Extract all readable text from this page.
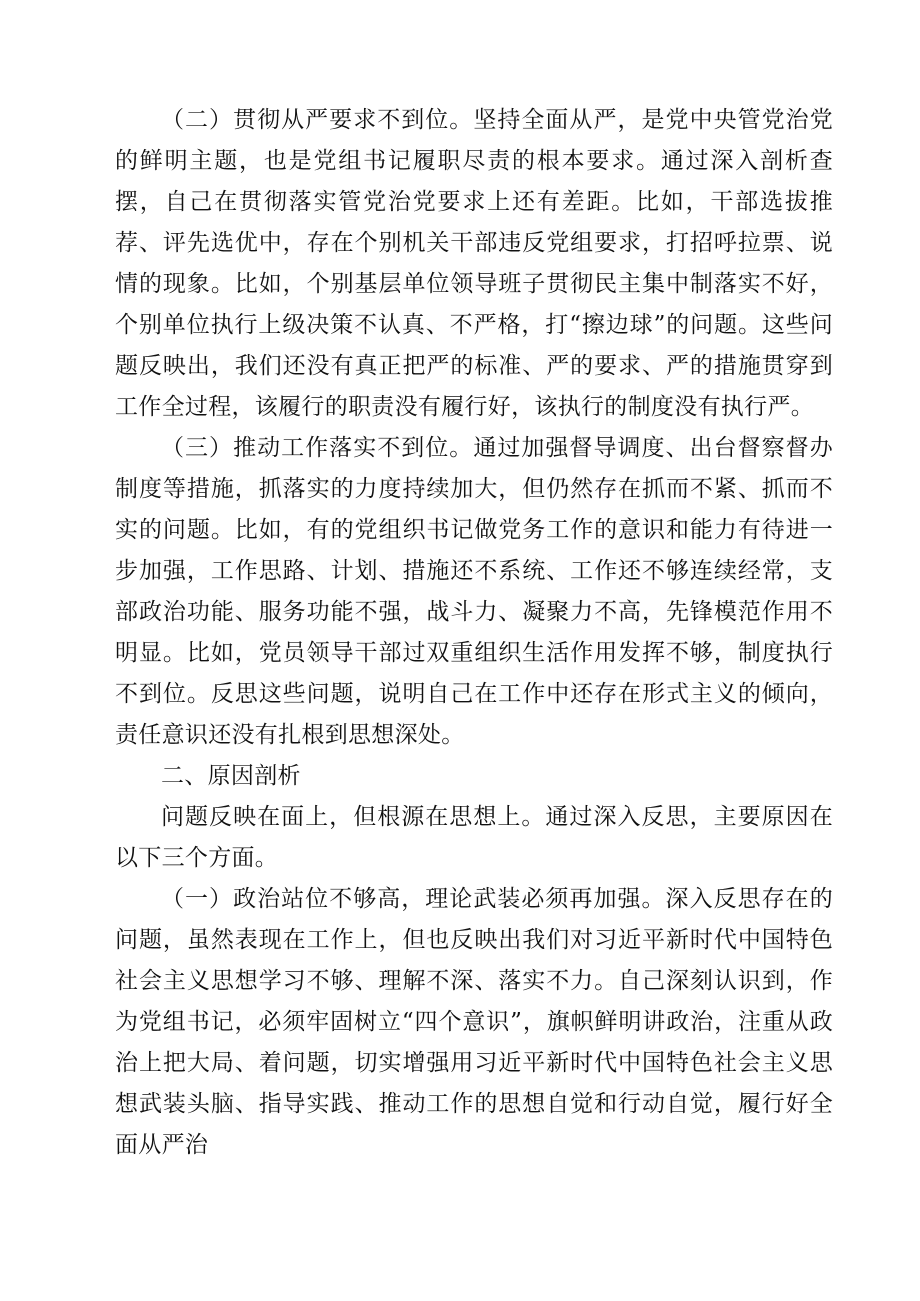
（二）贯彻从严要求不到位。坚持全面从严，是党中央管党治党的鲜明主题，也是党组书记履职尽责的根本要求。通过深入剖析查摆，自己在贯彻落实管党治党要求上还有差距。比如，干部选拔推荐、评先选优中，存在个别机关干部违反党组要求，打招呼拉票、说情的现象。比如，个别基层单位领导班子贯彻民主集中制落实不好，个别单位执行上级决策不认真、不严格，打“擦边球”的问题。这些问题反映出，我们还没有真正把严的标准、严的要求、严的措施贯穿到工作全过程，该履行的职责没有履行好，该执行的制度没有执行严。

（三）推动工作落实不到位。通过加强督导调度、出台督察督办制度等措施，抓落实的力度持续加大，但仍然存在抓而不紧、抓而不实的问题。比如，有的党组织书记做党务工作的意识和能力有待进一步加强，工作思路、计划、措施还不系统、工作还不够连续经常，支部政治功能、服务功能不强，战斗力、凝聚力不高，先锋模范作用不明显。比如，党员领导干部过双重组织生活作用发挥不够，制度执行不到位。反思这些问题，说明自己在工作中还存在形式主义的倾向，责任意识还没有扎根到思想深处。

二、原因剖析

问题反映在面上，但根源在思想上。通过深入反思，主要原因在以下三个方面。

（一）政治站位不够高，理论武装必须再加强。深入反思存在的问题，虽然表现在工作上，但也反映出我们对习近平新时代中国特色社会主义思想学习不够、理解不深、落实不力。自己深刻认识到，作为党组书记，必须牢固树立“四个意识”，旗帜鲜明讲政治，注重从政治上把大局、着问题，切实增强用习近平新时代中国特色社会主义思想武装头脑、指导实践、推动工作的思想自觉和行动自觉，履行好全面从严治
